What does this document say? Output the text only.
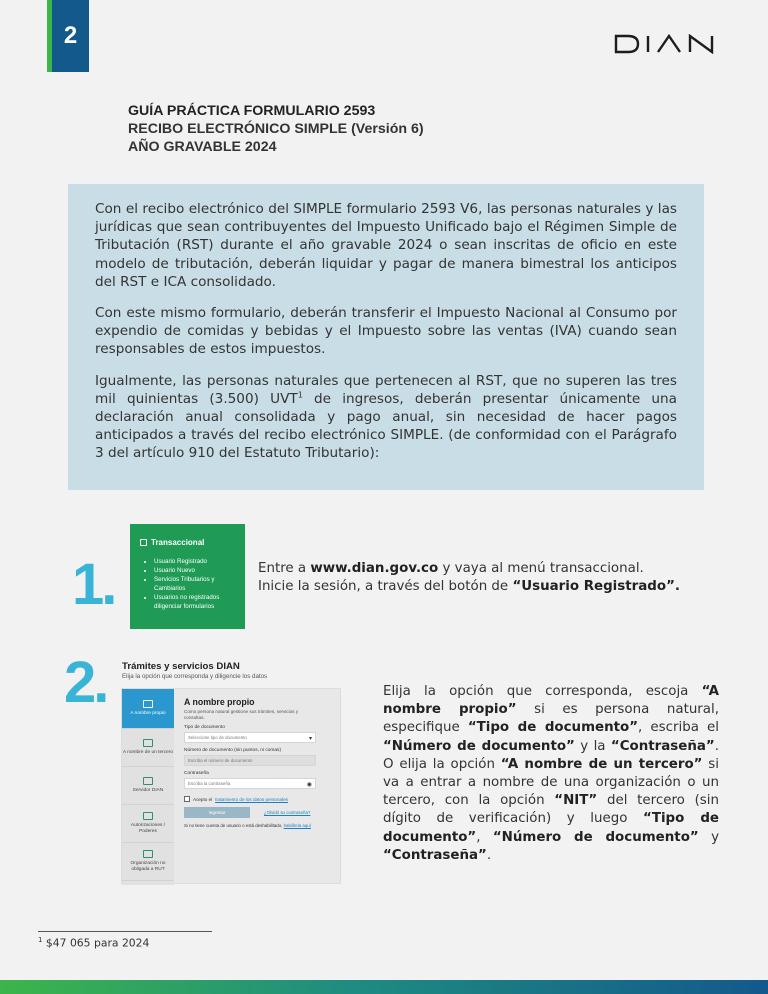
2
GUÍA PRÁCTICA FORMULARIO 2593
RECIBO ELECTRÓNICO SIMPLE (Versión 6)
AÑO GRAVABLE 2024

Con el recibo electrónico del SIMPLE formulario 2593 V6, las personas naturales y las jurídicas que sean contribuyentes del Impuesto Unificado bajo el Régimen Simple de Tributación (RST) durante el año gravable 2024 o sean inscritas de oficio en este modelo de tributación, deberán liquidar y pagar de manera bimestral los anticipos del RST e ICA consolidado.

Con este mismo formulario, deberán transferir el Impuesto Nacional al Consumo por expendio de comidas y bebidas y el Impuesto sobre las ventas (IVA) cuando sean responsables de estos impuestos.

Igualmente, las personas naturales que pertenecen al RST, que no superen las tres mil quinientas (3.500) UVT$^1$ de ingresos, deberán presentar únicamente una declaración anual consolidada y pago anual, sin necesidad de hacer pagos anticipados a través del recibo electrónico SIMPLE. (de conformidad con el Parágrafo 3 del artículo 910 del Estatuto Tributario):

1.
Transaccional
• Usuario Registrado
• Usuario Nuevo
• Servicios Tributarios y Cambiarios
• Usuarios no registrados diligenciar formularios
Entre a www.dian.gov.co y vaya al menú transaccional.
Inicie la sesión, a través del botón de “Usuario Registrado”.
2. Trámites y servicios DIAN
Elija la opción que corresponda y diligencie los datos
A nombre propio
A nombre de un tercero
Servidor DIAN
Autorizaciones / Poderes
Organización no obligada a RUT
A nombre propio
Como persona natural gestione sus trámites, servicios y consultas.
Tipo de documento
Seleccione tipo de documento	▾
Número de documento (sin puntos, ni comas)
Escriba el número de documento
Contraseña
Escriba la contraseña	◉
Acepto el tratamiento de los datos personales
Ingresar	¿Olvidó su contraseña?
Si no tiene cuenta de usuario o está deshabilitado, habilítela aquí
Elija la opción que corresponda, escoja “A nombre propio” si es persona natural, especifique “Tipo de documento”, escriba el “Número de documento” y la “Contraseña”. O elija la opción “A nombre de un tercero” si va a entrar a nombre de una organización o un tercero, con la opción “NIT” del tercero (sin dígito de verificación) y luego “Tipo de documento”, “Número de documento” y “Contraseña”.
$^1$ $47 065 para 2024
